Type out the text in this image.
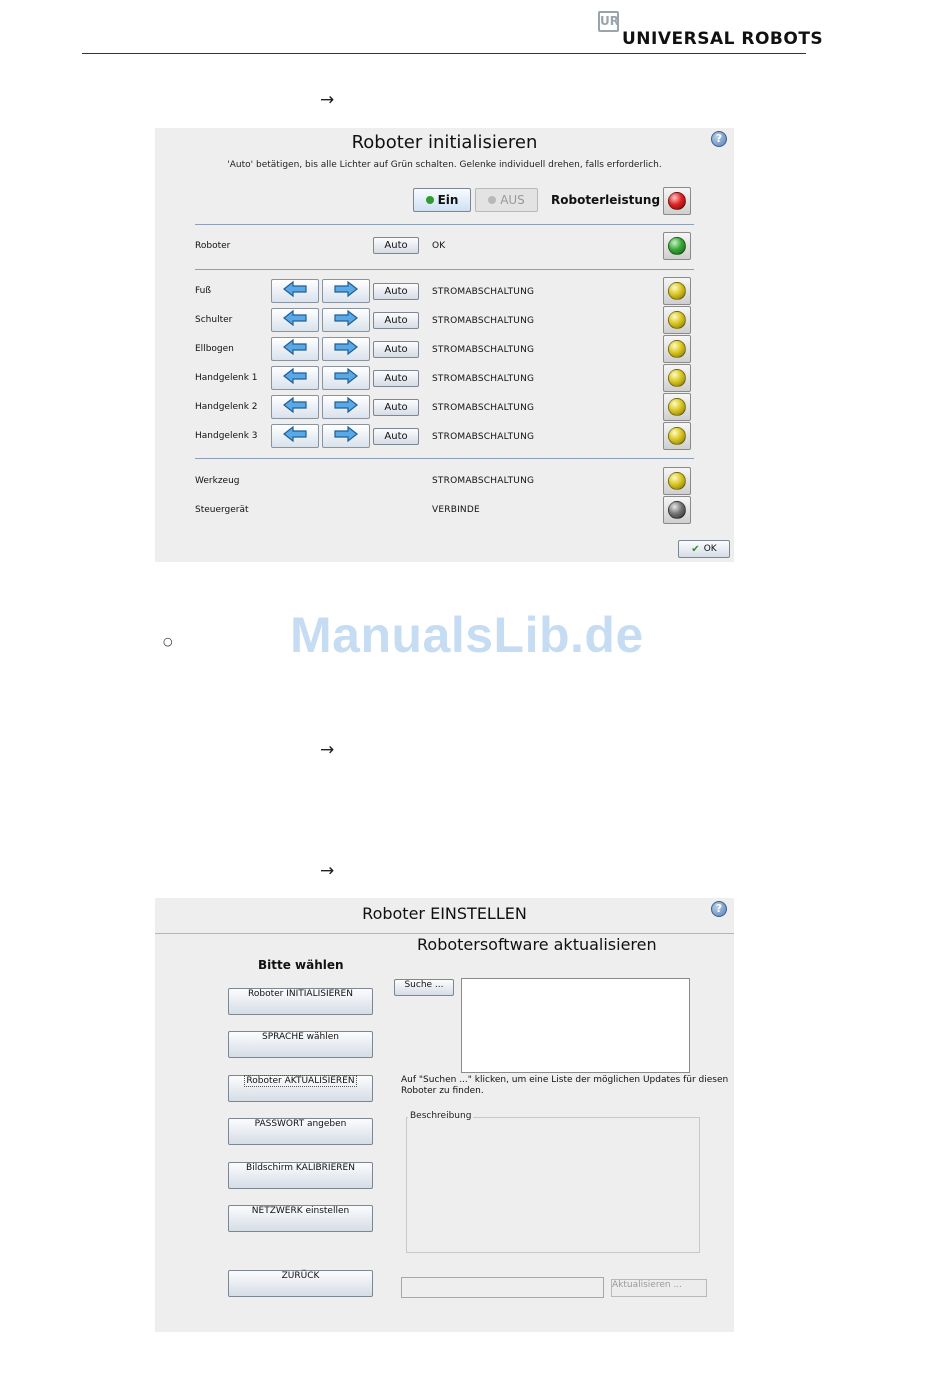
UR
UNIVERSAL ROBOTS
→
Roboter initialisieren	?
'Auto' betätigen, bis alle Lichter auf Grün schalten. Gelenke individuell drehen, falls erforderlich.
Ein	AUS Roboterleistung
Roboter	Auto	OK
Fuß	Auto	STROMABSCHALTUNG
Schulter	Auto	STROMABSCHALTUNG
Ellbogen	Auto	STROMABSCHALTUNG
Handgelenk 1	Auto	STROMABSCHALTUNG
Handgelenk 2	Auto	STROMABSCHALTUNG
Handgelenk 3	Auto	STROMABSCHALTUNG
Werkzeug	STROMABSCHALTUNG
Steuergerät	VERBINDE
✔ OK
○ ManualsLib.de
→
→
Roboter EINSTELLEN	?
Bitte wählen
Roboter INITIALISIEREN
SPRACHE wählen
Roboter AKTUALISIEREN
PASSWORT angeben
Bildschirm KALIBRIEREN
NETZWERK einstellen
ZURÜCK
Robotersoftware aktualisieren
Suche ...
Auf "Suchen ..." klicken, um eine Liste der möglichen Updates für diesen Roboter zu finden.
Beschreibung
Aktualisieren ...
